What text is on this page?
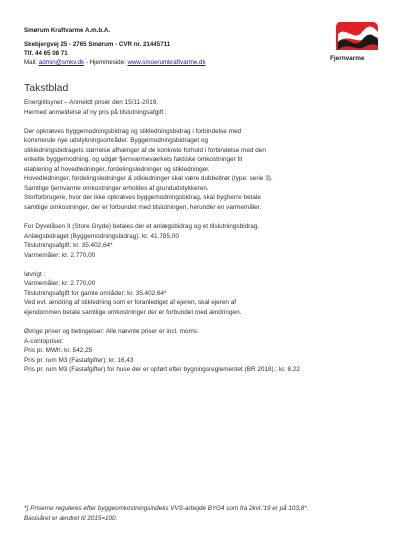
Smørum Kraftvarme A.m.b.A.
Skebjergvej 25 - 2765 Smørum - CVR nr. 21445711
Tlf. 44 65 08 71
Mail: admin@smkv.dk - Hjemmeside: www.smoerumkraftvarme.dk
Fjernvarme
Takstblad

Energitilsynet – Anmeldt priser den 15/11-2019.

Hermed anmeldelse af ny pris på tilslutningsafgift :

Der opkræves byggemodningsbidrag og stikledningsbidrag i forbindelse med

kommende nye udstykningsområder. Byggemodningsbidraget og

stikledningsbidragets størrelse afhænger af de konkrete forhold i forbindelse med den

enkelte byggemodning, og udgør fjernvarmeværkets faktiske omkostninger til

etablering af hovedledninger, fordelingsledninger og stikledninger.

Hovedledninger, fordelingsledninger & stikledninger skal være dobbeltrør (type: serie 3).

Samtlige fjernvarme omkostninger erholdes af grundudstykkeren.

Storforbrugere, hvor der ikke opkræves byggemodningsbidrag, skal bygherre betale

samtlige omkostninger, der er forbundet med tilslutningen, herunder en varmemåler.

For Dyvelåsen II (Store Gryde) betales der et anlægsbidrag og et tilslutningsbidrag.

Anlægsbidraget (Byggemodningsbidrag): kr. 41.785,00

Tilslutningsafgift: kr. 35.402,64*

Varmemåler: kr. 2.770,00

Iøvrigt :

Varmemåler: kr. 2.770,00

Tilslutningsafgift for gamle områder: kr. 35.402,64*

Ved evt. ændring af stikledning som er foranlediget af ejeren, skal ejeren af

ejendommen betale samtlige omkostninger der er forbundet med ændringen.

Øvrige priser og betingelser: Alle nævnte priser er incl. moms.

A-contopriser:

Pris pr. MWh: kr. 542,25

Pris pr. rum M3 (Fastafgifter): kr. 16,43

Pris pr. rum M3 (Fastafgifter) for huse der er opført efter bygningsreglementet (BR 2018).: kr. 8,22

*) Priserne reguleres efter byggeomkostningsindeks VVS-arbejde BYG4 som fra 2kvt.'19 er på 103,8*.

Basisåret er ændret til 2015=100.
